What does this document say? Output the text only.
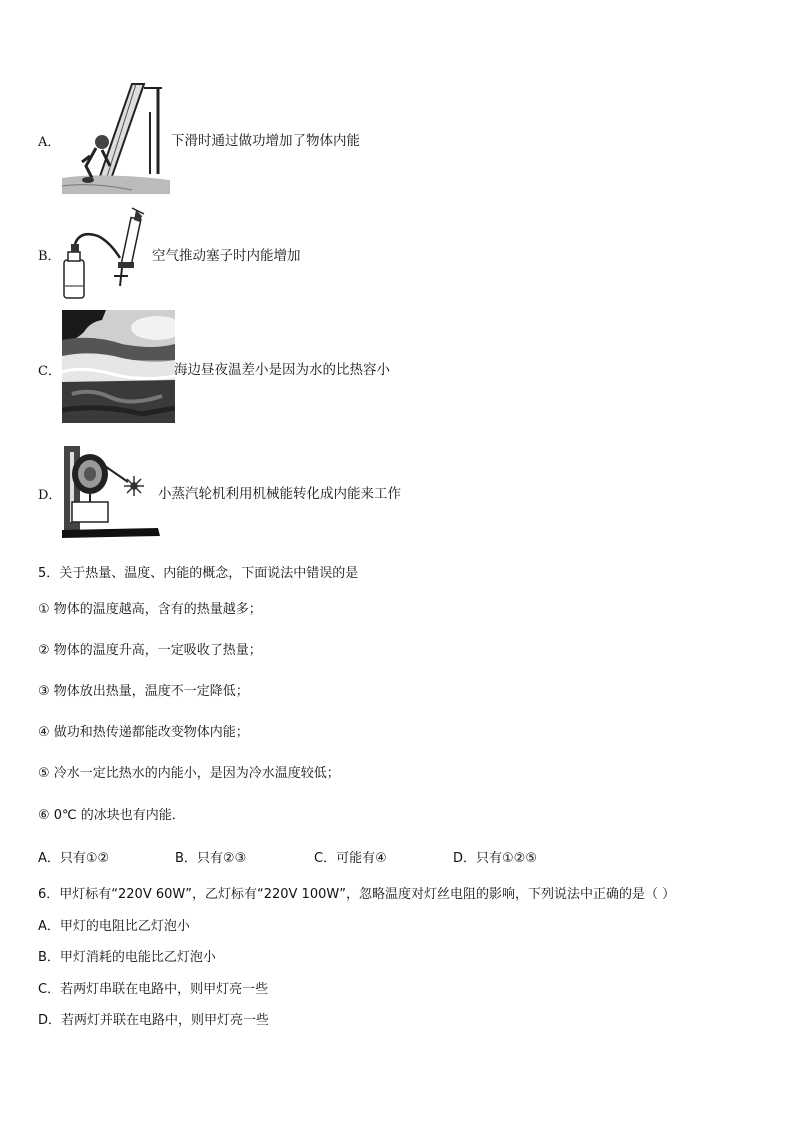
A．	下滑时通过做功增加了物体内能
B．	空气推动塞子时内能增加
C．	海边昼夜温差小是因为水的比热容小
D．	小蒸汽轮机利用机械能转化成内能来工作
5．关于热量、温度、内能的概念，下面说法中错误的是
① 物体的温度越高，含有的热量越多；
② 物体的温度升高，一定吸收了热量；
③ 物体放出热量，温度不一定降低；
④ 做功和热传递都能改变物体内能；
⑤ 冷水一定比热水的内能小，是因为冷水温度较低；
⑥ 0℃ 的冰块也有内能．
A．只有①②	B．只有②③	C．可能有④	D．只有①②⑤
6．甲灯标有“220V 60W”，乙灯标有“220V 100W”，忽略温度对灯丝电阻的影响，下列说法中正确的是（ ）
A．甲灯的电阻比乙灯泡小
B．甲灯消耗的电能比乙灯泡小
C．若两灯串联在电路中，则甲灯亮一些
D．若两灯并联在电路中，则甲灯亮一些
